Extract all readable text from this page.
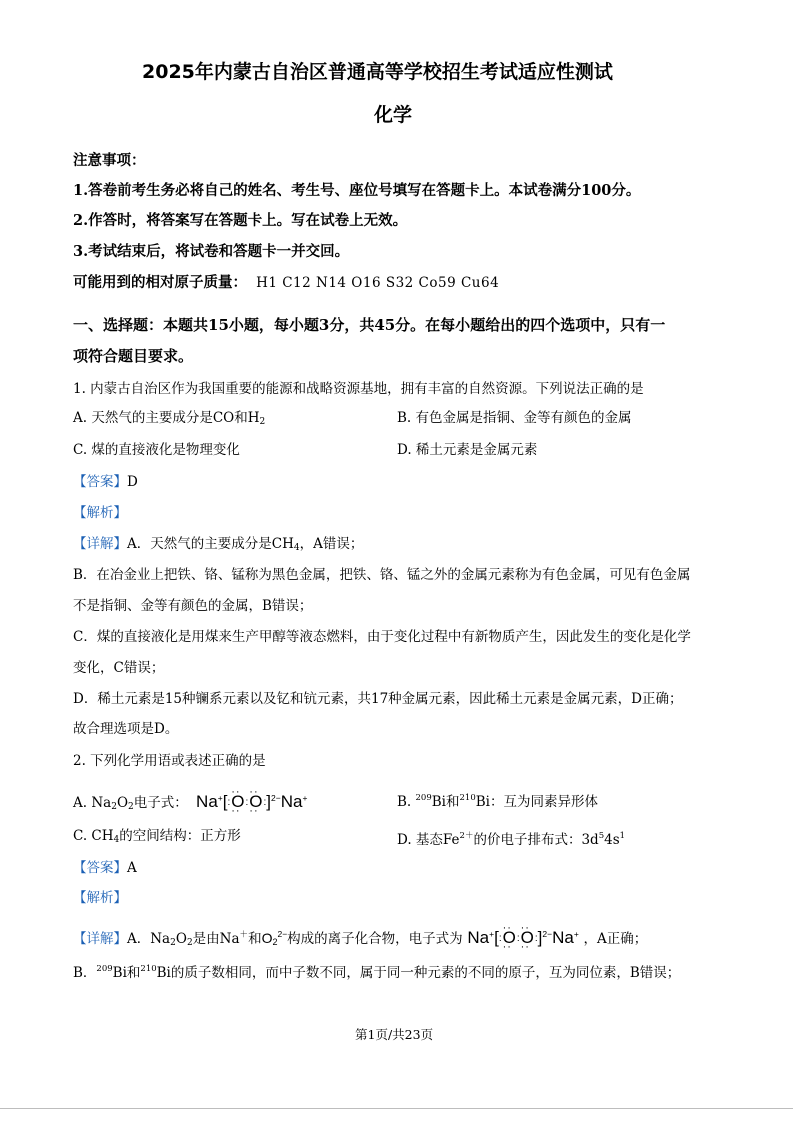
2025年内蒙古自治区普通高等学校招生考试适应性测试
化学
注意事项：
1.答卷前考生务必将自己的姓名、考生号、座位号填写在答题卡上。本试卷满分100分。
2.作答时，将答案写在答题卡上。写在试卷上无效。
3.考试结束后，将试卷和答题卡一并交回。
可能用到的相对原子质量： H1 C12 N14 O16 S32 Co59 Cu64
一、选择题：本题共15小题，每小题3分，共45分。在每小题给出的四个选项中，只有一
项符合题目要求。
1. 内蒙古自治区作为我国重要的能源和战略资源基地，拥有丰富的自然资源。下列说法正确的是
A. 天然气的主要成分是CO和$H_2$	B. 有色金属是指铜、金等有颜色的金属
C. 煤的直接液化是物理变化	D. 稀土元素是金属元素
【答案】D
【解析】
【详解】A．天然气的主要成分是$CH_4$，A错误；
B．在冶金业上把铁、铬、锰称为黑色金属，把铁、铬、锰之外的金属元素称为有色金属，可见有色金属
不是指铜、金等有颜色的金属，B错误；
C．煤的直接液化是用煤来生产甲醇等液态燃料，由于变化过程中有新物质产生，因此发生的变化是化学
变化，C错误；
D．稀土元素是15种镧系元素以及钇和钪元素，共17种金属元素，因此稀土元素是金属元素，D正确；
故合理选项是D。
2. 下列化学用语或表述正确的是
A. $Na_2O_2$电子式： Na+[:·· O ··:·· O ··:]$^{2-}$Na+	B. $^{209}$Bi和$^{210}$Bi：互为同素异形体
C. $CH_4$的空间结构：正方形	D. 基态$Fe^{2+}$的价电子排布式：$3d^54s^1$
【答案】A
【解析】
【详解】A．$Na_2O_2$是由Na＋和$O_2^{2-}$构成的离子化合物，电子式为 Na+[:·· O ··:·· O ··:]$^{2-}$Na+ ，A正确；
B．$^{209}$Bi和$^{210}$Bi的质子数相同，而中子数不同，属于同一种元素的不同的原子，互为同位素，B错误；
第1页/共23页
